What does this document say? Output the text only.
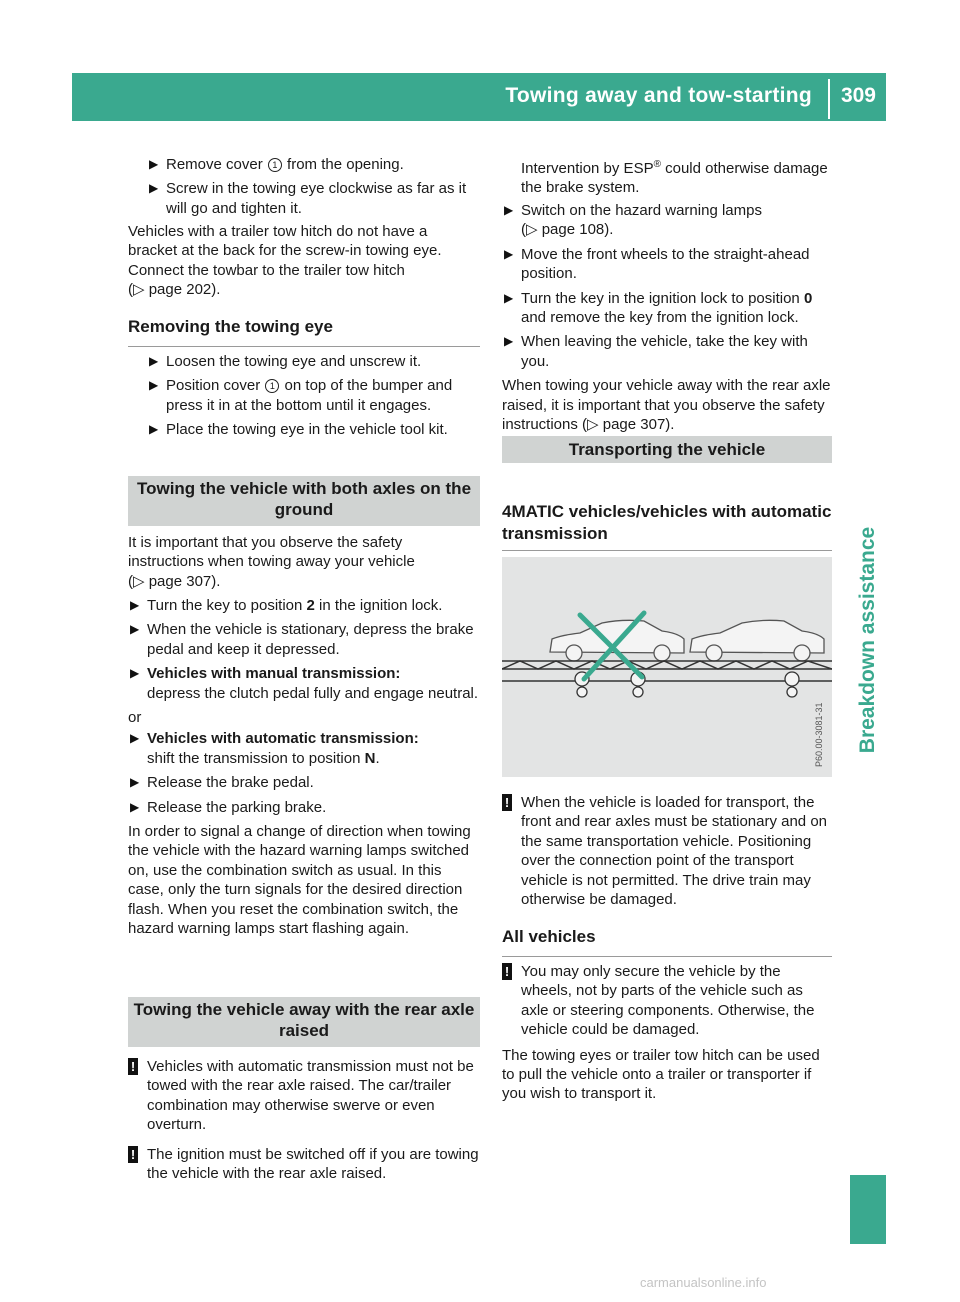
Towing away and tow-starting 309
Breakdown assistance
▶ Remove cover 1 from the opening.
▶ Screw in the towing eye clockwise as far as it will go and tighten it.

Vehicles with a trailer tow hitch do not have a bracket at the back for the screw-in towing eye. Connect the towbar to the trailer tow hitch

(▷ page 202).

Removing the towing eye

▶ Loosen the towing eye and unscrew it.
▶ Position cover 1 on top of the bumper and press it in at the bottom until it engages.
▶ Place the towing eye in the vehicle tool kit.
Towing the vehicle with both axles on the ground

It is important that you observe the safety instructions when towing away your vehicle

(▷ page 307).

▶ Turn the key to position 2 in the ignition lock.
▶ When the vehicle is stationary, depress the brake pedal and keep it depressed.
▶ Vehicles with manual transmission:
depress the clutch pedal fully and engage neutral.

or

▶ Vehicles with automatic transmission:
shift the transmission to position N.
▶ Release the brake pedal.
▶ Release the parking brake.

In order to signal a change of direction when towing the vehicle with the hazard warning lamps switched on, use the combination switch as usual. In this case, only the turn signals for the desired direction flash. When you reset the combination switch, the hazard warning lamps start flashing again.

Towing the vehicle away with the rear axle raised
! Vehicles with automatic transmission must not be towed with the rear axle raised. The car/trailer combination may otherwise swerve or even overturn.
! The ignition must be switched off if you are towing the vehicle with the rear axle raised.

Intervention by ESP® could otherwise damage the brake system.

▶ Switch on the hazard warning lamps
(▷ page 108).
▶ Move the front wheels to the straight-ahead position.
▶ Turn the key in the ignition lock to position 0 and remove the key from the ignition lock.
▶ When leaving the vehicle, take the key with you.

When towing your vehicle away with the rear axle raised, it is important that you observe the safety instructions (▷ page 307).

Transporting the vehicle

4MATIC vehicles/vehicles with automatic transmission

P60.00-3081-31
! When the vehicle is loaded for transport, the front and rear axles must be stationary and on the same transportation vehicle. Positioning over the connection point of the transport vehicle is not permitted. The drive train may otherwise be damaged.

All vehicles

! You may only secure the vehicle by the wheels, not by parts of the vehicle such as axle or steering components. Otherwise, the vehicle could be damaged.

The towing eyes or trailer tow hitch can be used to pull the vehicle onto a trailer or transporter if you wish to transport it.

carmanualsonline.info
